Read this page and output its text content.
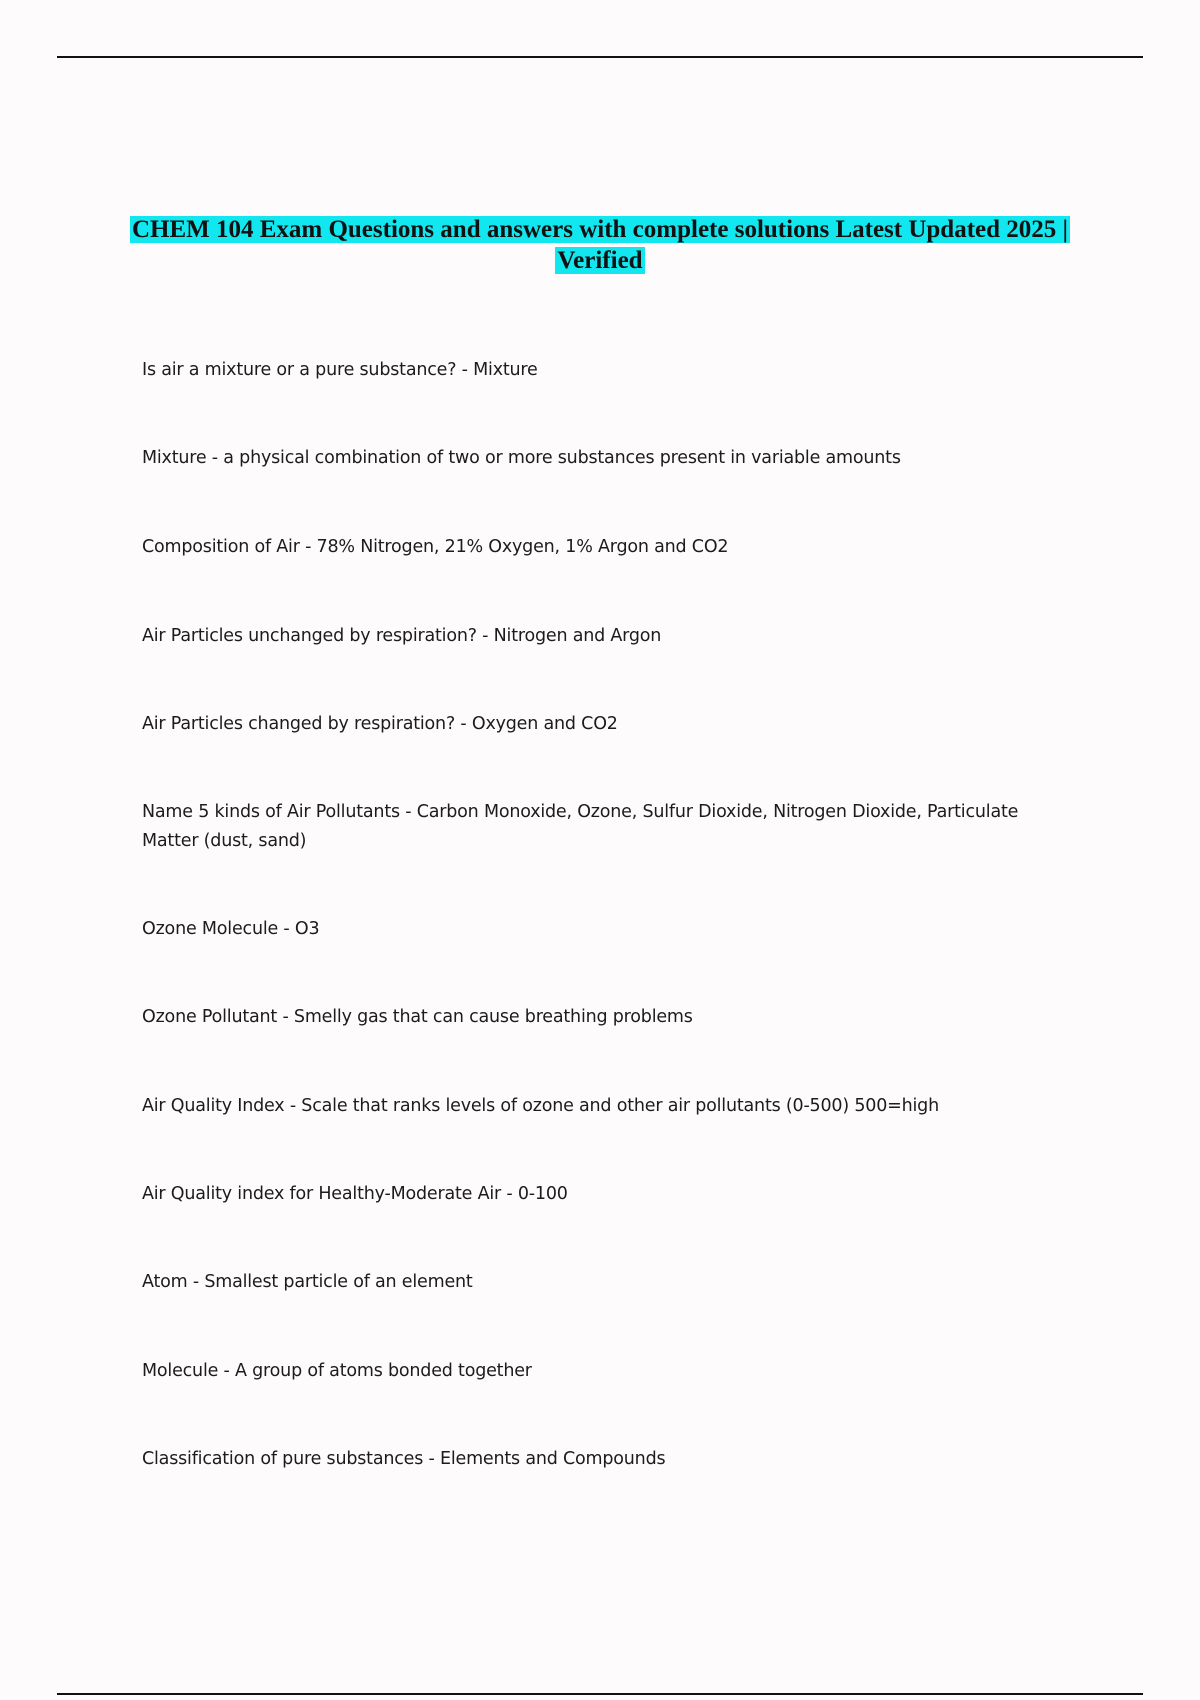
CHEM 104 Exam Questions and answers with complete solutions Latest Updated 2025 | Verified
Is air a mixture or a pure substance? - Mixture
Mixture - a physical combination of two or more substances present in variable amounts
Composition of Air - 78% Nitrogen, 21% Oxygen, 1% Argon and CO2
Air Particles unchanged by respiration? - Nitrogen and Argon
Air Particles changed by respiration? - Oxygen and CO2
Name 5 kinds of Air Pollutants - Carbon Monoxide, Ozone, Sulfur Dioxide, Nitrogen Dioxide, Particulate Matter (dust, sand)
Ozone Molecule - O3
Ozone Pollutant - Smelly gas that can cause breathing problems
Air Quality Index - Scale that ranks levels of ozone and other air pollutants (0-500) 500=high
Air Quality index for Healthy-Moderate Air - 0-100
Atom - Smallest particle of an element
Molecule - A group of atoms bonded together
Classification of pure substances - Elements and Compounds
